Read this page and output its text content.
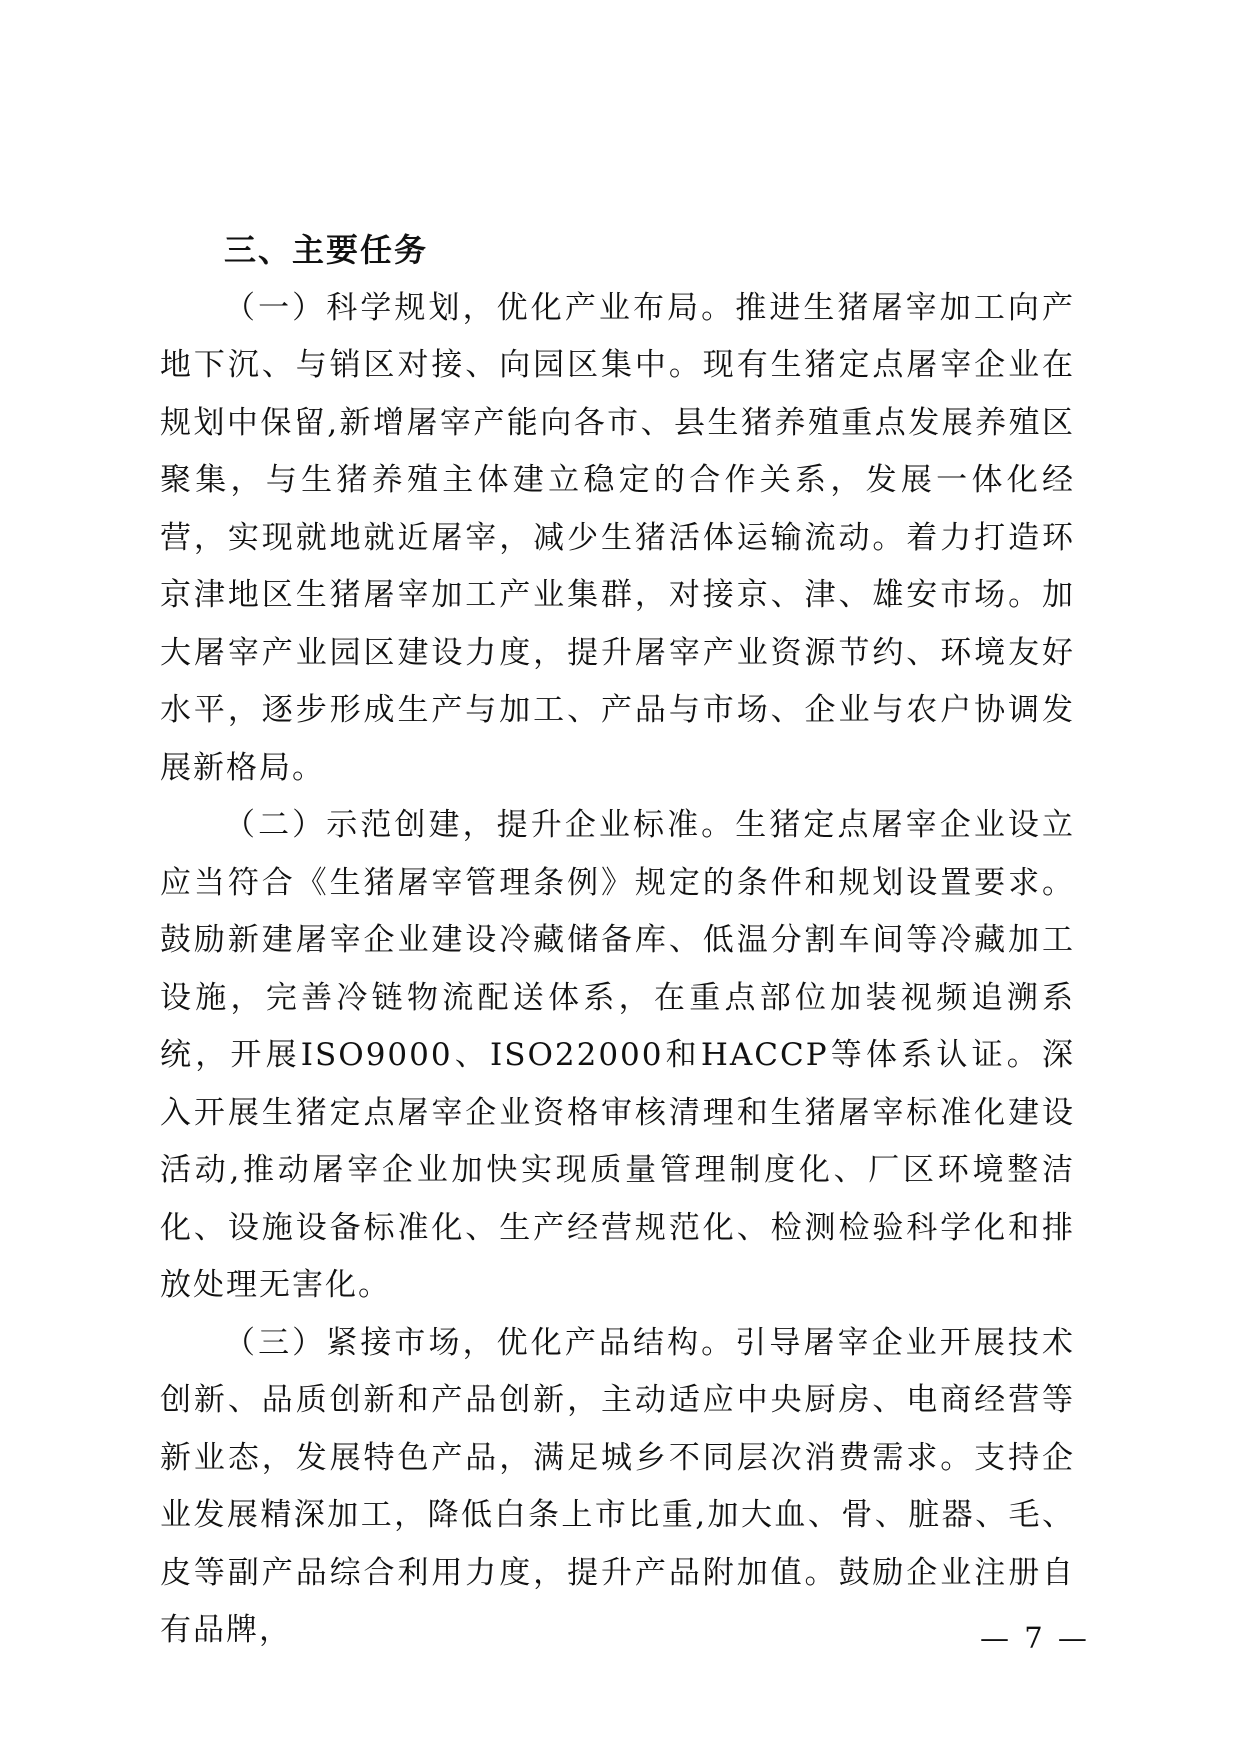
三、主要任务

（一）科学规划，优化产业布局。推进生猪屠宰加工向产地下沉、与销区对接、向园区集中。现有生猪定点屠宰企业在规划中保留,新增屠宰产能向各市、县生猪养殖重点发展养殖区聚集，与生猪养殖主体建立稳定的合作关系，发展一体化经营，实现就地就近屠宰，减少生猪活体运输流动。着力打造环京津地区生猪屠宰加工产业集群，对接京、津、雄安市场。加大屠宰产业园区建设力度，提升屠宰产业资源节约、环境友好水平，逐步形成生产与加工、产品与市场、企业与农户协调发展新格局。

（二）示范创建，提升企业标准。生猪定点屠宰企业设立应当符合《生猪屠宰管理条例》规定的条件和规划设置要求。鼓励新建屠宰企业建设冷藏储备库、低温分割车间等冷藏加工设施，完善冷链物流配送体系，在重点部位加装视频追溯系统，开展ISO9000、ISO22000和HACCP等体系认证。深入开展生猪定点屠宰企业资格审核清理和生猪屠宰标准化建设活动,推动屠宰企业加快实现质量管理制度化、厂区环境整洁化、设施设备标准化、生产经营规范化、检测检验科学化和排放处理无害化。

（三）紧接市场，优化产品结构。引导屠宰企业开展技术创新、品质创新和产品创新，主动适应中央厨房、电商经营等新业态，发展特色产品，满足城乡不同层次消费需求。支持企业发展精深加工，降低白条上市比重,加大血、骨、脏器、毛、皮等副产品综合利用力度，提升产品附加值。鼓励企业注册自有品牌，	— 7 —
